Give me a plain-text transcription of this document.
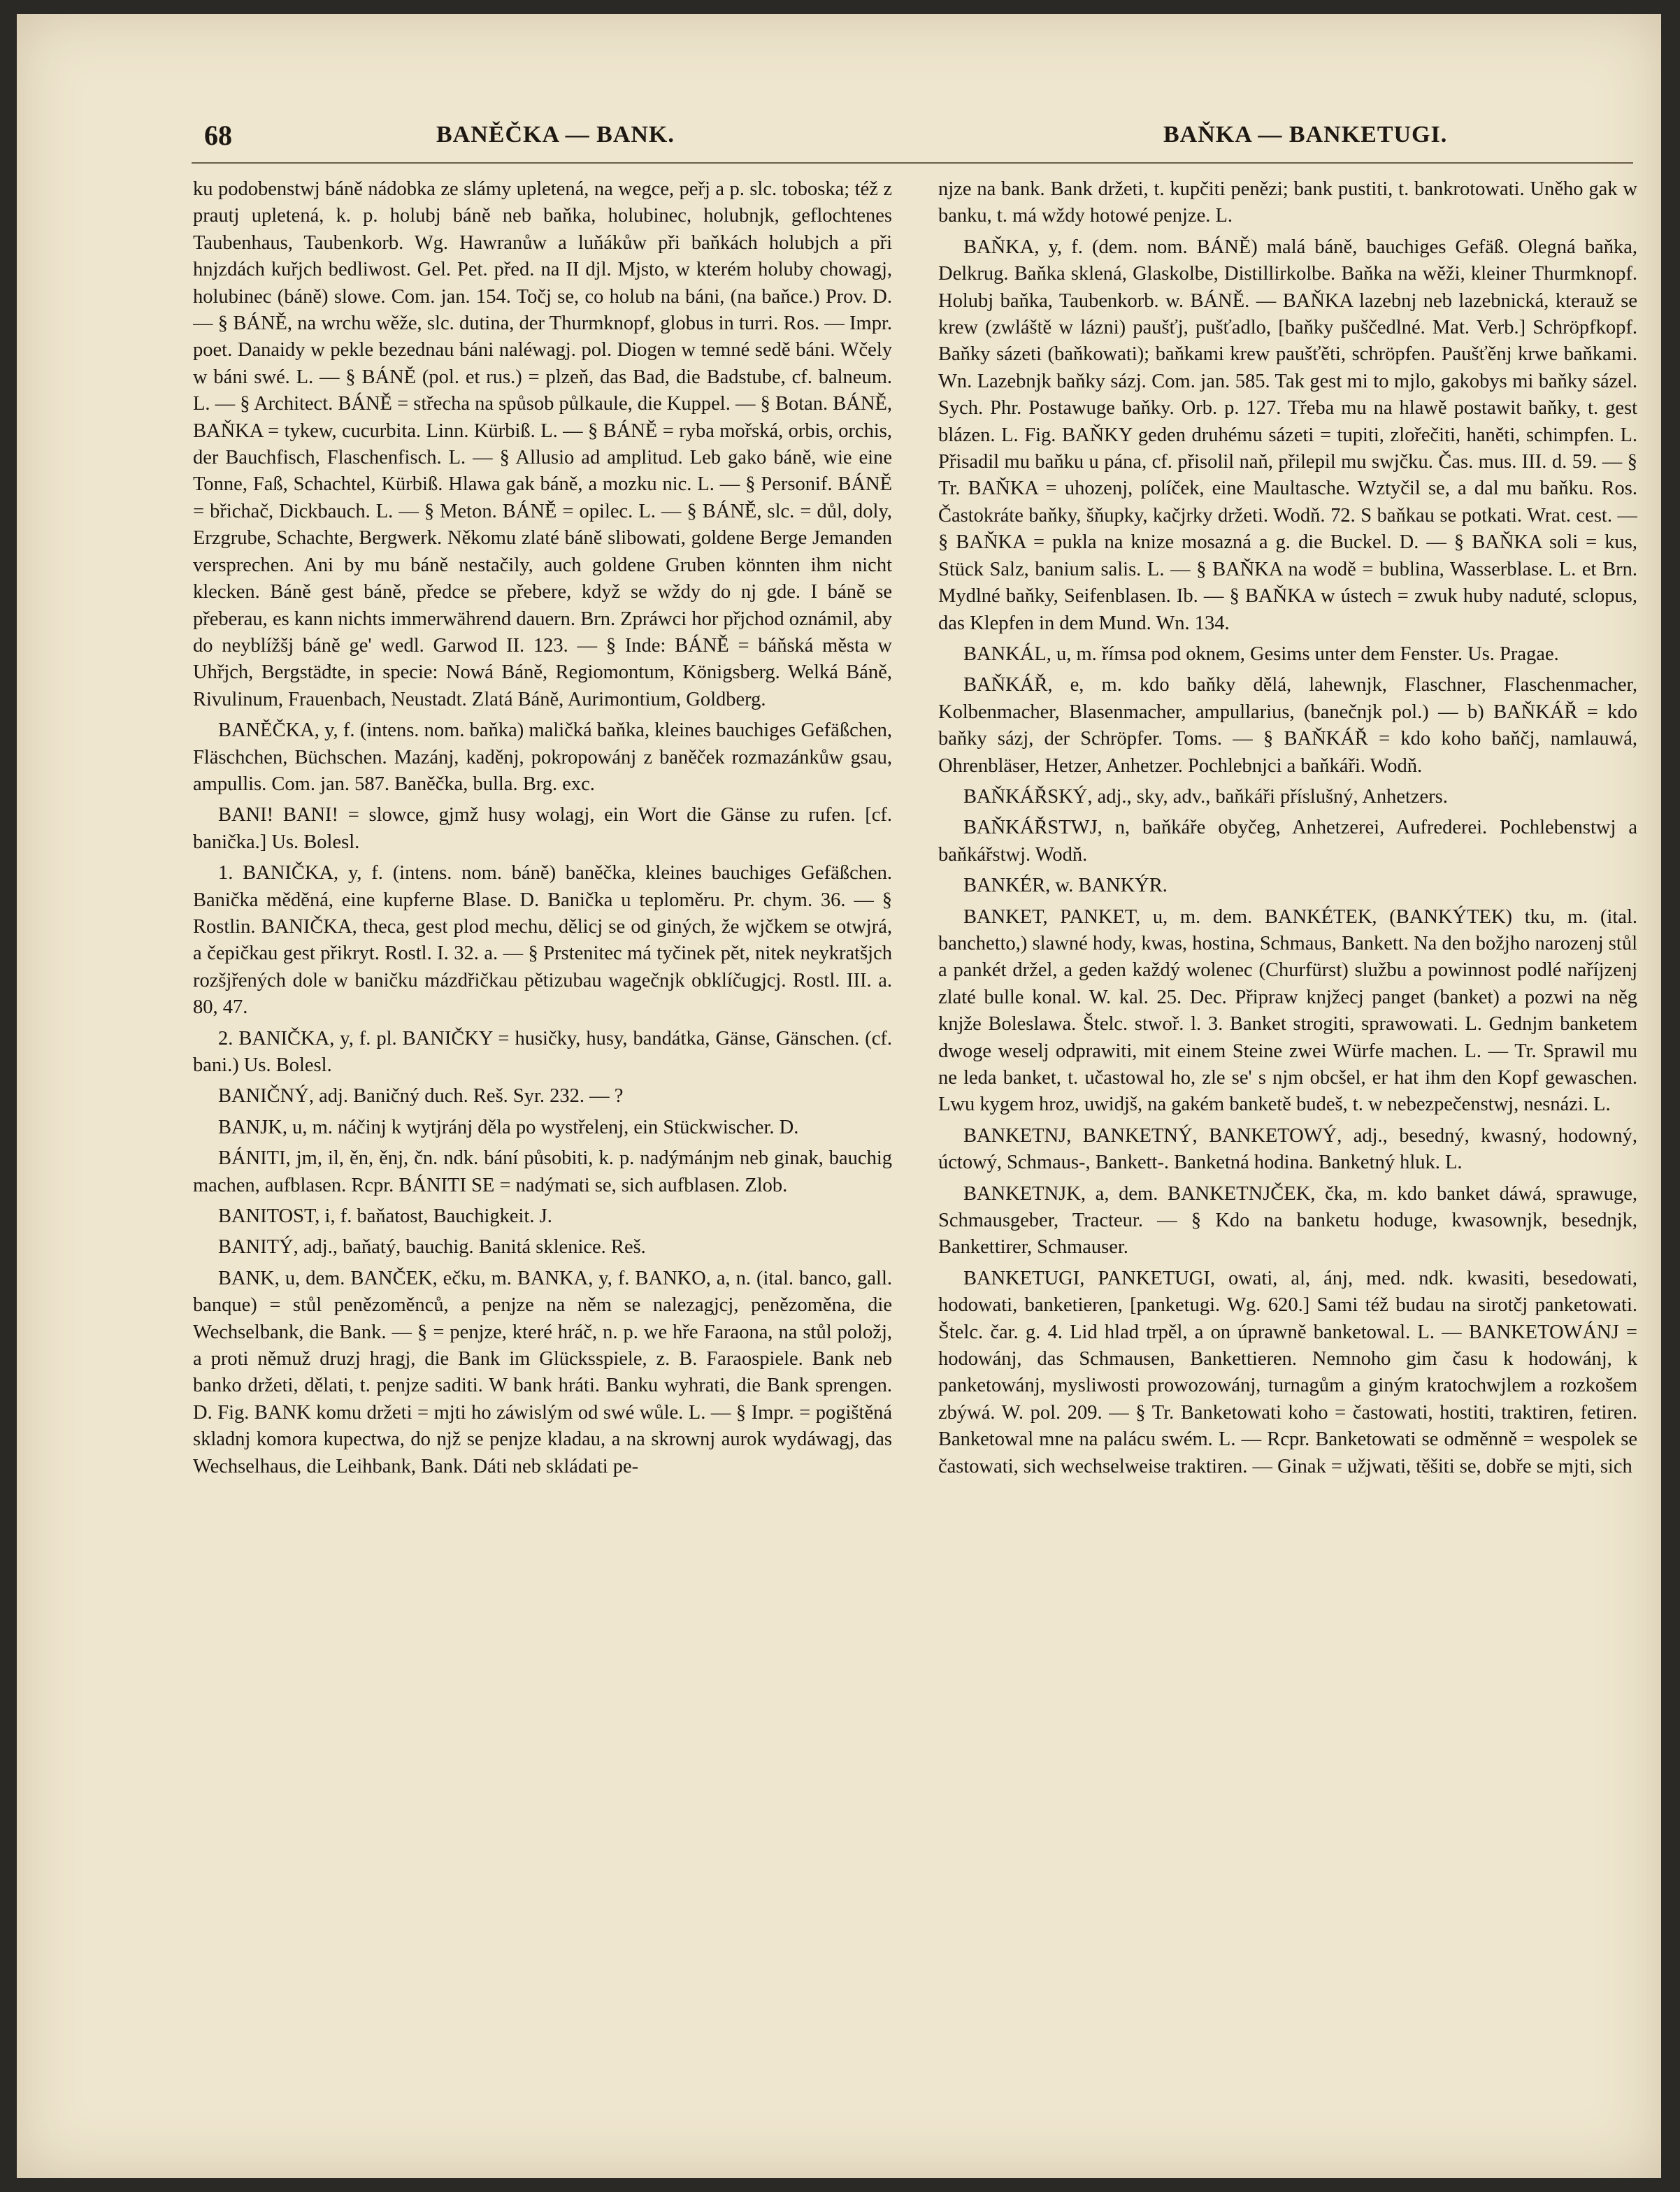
68	BANĚČKA — BANK.	BAŇKA — BANKETUGI.

ku podobenstwj báně nádobka ze slámy upletená, na wegce, peřj a p. slc. toboska; též z prautj upletená, k. p. holubj báně neb baňka, holubinec, holubnjk, geflochtenes Taubenhaus, Taubenkorb. Wg. Hawranůw a luňákůw při baňkách holubjch a při hnjzdách kuřjch bedliwost. Gel. Pet. před. na II djl. Mjsto, w kterém holuby chowagj, holubinec (báně) slowe. Com. jan. 154. Točj se, co holub na báni, (na baňce.) Prov. D. — § BÁNĚ, na wrchu wěže, slc. dutina, der Thurmknopf, globus in turri. Ros. — Impr. poet. Danaidy w pekle bezednau báni naléwagj. pol. Diogen w temné sedě báni. Wčely w báni swé. L. — § BÁNĚ (pol. et rus.) = plzeň, das Bad, die Badstube, cf. balneum. L. — § Architect. BÁNĚ = střecha na spůsob půlkaule, die Kuppel. — § Botan. BÁNĚ, BAŇKA = tykew, cucurbita. Linn. Kürbiß. L. — § BÁNĚ = ryba mořská, orbis, orchis, der Bauchfisch, Flaschenfisch. L. — § Allusio ad amplitud. Leb gako báně, wie eine Tonne, Faß, Schachtel, Kürbiß. Hlawa gak báně, a mozku nic. L. — § Personif. BÁNĚ = břichač, Dickbauch. L. — § Meton. BÁNĚ = opilec. L. — § BÁNĚ, slc. = důl, doly, Erzgrube, Schachte, Bergwerk. Někomu zlaté báně slibowati, goldene Berge Jemanden versprechen. Ani by mu báně nestačily, auch goldene Gruben könnten ihm nicht klecken. Báně gest báně, předce se přebere, když se wždy do nj gde. I báně se přeberau, es kann nichts immerwährend dauern. Brn. Zpráwci hor přjchod oznámil, aby do neyblížšj báně ge' wedl. Garwod II. 123. — § Inde: BÁNĚ = báňská města w Uhřjch, Bergstädte, in specie: Nowá Báně, Regiomontum, Königsberg. Welká Báně, Rivulinum, Frauenbach, Neustadt. Zlatá Báně, Aurimontium, Goldberg.

BANĚČKA, y, f. (intens. nom. baňka) maličká baňka, kleines bauchiges Gefäßchen, Fläschchen, Büchschen. Mazánj, kaděnj, pokropowánj z baněček rozmazánkůw gsau, ampullis. Com. jan. 587. Baněčka, bulla. Brg. exc.

BANI! BANI! = slowce, gjmž husy wolagj, ein Wort die Gänse zu rufen. [cf. banička.] Us. Bolesl.

1. BANIČKA, y, f. (intens. nom. báně) baněčka, kleines bauchiges Gefäßchen. Banička měděná, eine kupferne Blase. D. Banička u teploměru. Pr. chym. 36. — § Rostlin. BANIČKA, theca, gest plod mechu, dělicj se od giných, že wjčkem se otwjrá, a čepičkau gest přikryt. Rostl. I. 32. a. — § Prstenitec má tyčinek pět, nitek neykratšjch rozšjřených dole w baničku mázdřičkau pětizubau wagečnjk obklíčugjcj. Rostl. III. a. 80, 47.

2. BANIČKA, y, f. pl. BANIČKY = husičky, husy, bandátka, Gänse, Gänschen. (cf. bani.) Us. Bolesl.

BANIČNÝ, adj. Baničný duch. Reš. Syr. 232. — ?

BANJK, u, m. náčinj k wytjránj děla po wystřelenj, ein Stückwischer. D.

BÁNITI, jm, il, ěn, ěnj, čn. ndk. bání působiti, k. p. nadýmánjm neb ginak, bauchig machen, aufblasen. Rcpr. BÁNITI SE = nadýmati se, sich aufblasen. Zlob.

BANITOST, i, f. baňatost, Bauchigkeit. J.

BANITÝ, adj., baňatý, bauchig. Banitá sklenice. Reš.

BANK, u, dem. BANČEK, ečku, m. BANKA, y, f. BANKO, a, n. (ital. banco, gall. banque) = stůl penězoměnců, a penjze na něm se nalezagjcj, penězoměna, die Wechselbank, die Bank. — § = penjze, které hráč, n. p. we hře Faraona, na stůl položj, a proti němuž druzj hragj, die Bank im Glücksspiele, z. B. Faraospiele. Bank neb banko držeti, dělati, t. penjze saditi. W bank hráti. Banku wyhrati, die Bank sprengen. D. Fig. BANK komu držeti = mjti ho záwislým od swé wůle. L. — § Impr. = pogištěná skladnj komora kupectwa, do njž se penjze kladau, a na skrownj aurok wydáwagj, das Wechselhaus, die Leihbank, Bank. Dáti neb skládati pe-

njze na bank. Bank držeti, t. kupčiti penězi; bank pustiti, t. bankrotowati. Uněho gak w banku, t. má wždy hotowé penjze. L.

BAŇKA, y, f. (dem. nom. BÁNĚ) malá báně, bauchiges Gefäß. Olegná baňka, Delkrug. Baňka sklená, Glaskolbe, Distillirkolbe. Baňka na wěži, kleiner Thurmknopf. Holubj baňka, Taubenkorb. w. BÁNĚ. — BAŇKA lazebnj neb lazebnická, kterauž se krew (zwláště w lázni) paušťj, pušťadlo, [baňky puščedlné. Mat. Verb.] Schröpfkopf. Baňky sázeti (baňkowati); baňkami krew paušťěti, schröpfen. Paušťěnj krwe baňkami. Wn. Lazebnjk baňky sázj. Com. jan. 585. Tak gest mi to mjlo, gakobys mi baňky sázel. Sych. Phr. Postawuge baňky. Orb. p. 127. Třeba mu na hlawě postawit baňky, t. gest blázen. L. Fig. BAŇKY geden druhému sázeti = tupiti, zlořečiti, haněti, schimpfen. L. Přisadil mu baňku u pána, cf. přisolil naň, přilepil mu swjčku. Čas. mus. III. d. 59. — § Tr. BAŇKA = uhozenj, políček, eine Maultasche. Wztyčil se, a dal mu baňku. Ros. Častokráte baňky, šňupky, kačjrky držeti. Wodň. 72. S baňkau se potkati. Wrat. cest. — § BAŇKA = pukla na knize mosazná a g. die Buckel. D. — § BAŇKA soli = kus, Stück Salz, banium salis. L. — § BAŇKA na wodě = bublina, Wasserblase. L. et Brn. Mydlné baňky, Seifenblasen. Ib. — § BAŇKA w ústech = zwuk huby naduté, sclopus, das Klepfen in dem Mund. Wn. 134.

BANKÁL, u, m. římsa pod oknem, Gesims unter dem Fenster. Us. Pragae.

BAŇKÁŘ, e, m. kdo baňky dělá, lahewnjk, Flaschner, Flaschenmacher, Kolbenmacher, Blasenmacher, ampullarius, (banečnjk pol.) — b) BAŇKÁŘ = kdo baňky sázj, der Schröpfer. Toms. — § BAŇKÁŘ = kdo koho baňčj, namlauwá, Ohrenbläser, Hetzer, Anhetzer. Pochlebnjci a baňkáři. Wodň.

BAŇKÁŘSKÝ, adj., sky, adv., baňkáři příslušný, Anhetzers.

BAŇKÁŘSTWJ, n, baňkáře obyčeg, Anhetzerei, Aufrederei. Pochlebenstwj a baňkářstwj. Wodň.

BANKÉR, w. BANKÝR.

BANKET, PANKET, u, m. dem. BANKÉTEK, (BANKÝTEK) tku, m. (ital. banchetto,) slawné hody, kwas, hostina, Schmaus, Bankett. Na den božjho narozenj stůl a pankét držel, a geden každý wolenec (Churfürst) službu a powinnost podlé naříjzenj zlaté bulle konal. W. kal. 25. Dec. Připraw knjžecj panget (banket) a pozwi na něg knjže Boleslawa. Štelc. stwoř. l. 3. Banket strogiti, sprawowati. L. Gednjm banketem dwoge weselj odprawiti, mit einem Steine zwei Würfe machen. L. — Tr. Sprawil mu ne leda banket, t. učastowal ho, zle se' s njm obcšel, er hat ihm den Kopf gewaschen. Lwu kygem hroz, uwidjš, na gakém banketě budeš, t. w nebezpečenstwj, nesnázi. L.

BANKETNJ, BANKETNÝ, BANKETOWÝ, adj., besedný, kwasný, hodowný, úctowý, Schmaus-, Bankett-. Banketná hodina. Banketný hluk. L.

BANKETNJK, a, dem. BANKETNJČEK, čka, m. kdo banket dáwá, sprawuge, Schmausgeber, Tracteur. — § Kdo na banketu hoduge, kwasownjk, besednjk, Bankettirer, Schmauser.

BANKETUGI, PANKETUGI, owati, al, ánj, med. ndk. kwasiti, besedowati, hodowati, banketieren, [panketugi. Wg. 620.] Sami též budau na sirotčj panketowati. Štelc. čar. g. 4. Lid hlad trpěl, a on úprawně banketowal. L. — BANKETOWÁNJ = hodowánj, das Schmausen, Bankettieren. Nemnoho gim času k hodowánj, k panketowánj, mysliwosti prowozowánj, turnagům a giným kratochwjlem a rozkošem zbýwá. W. pol. 209. — § Tr. Banketowati koho = častowati, hostiti, traktiren, fetiren. Banketowal mne na palácu swém. L. — Rcpr. Banketowati se odměnně = wespolek se častowati, sich wechselweise traktiren. — Ginak = užjwati, těšiti se, dobře se mjti, sich
